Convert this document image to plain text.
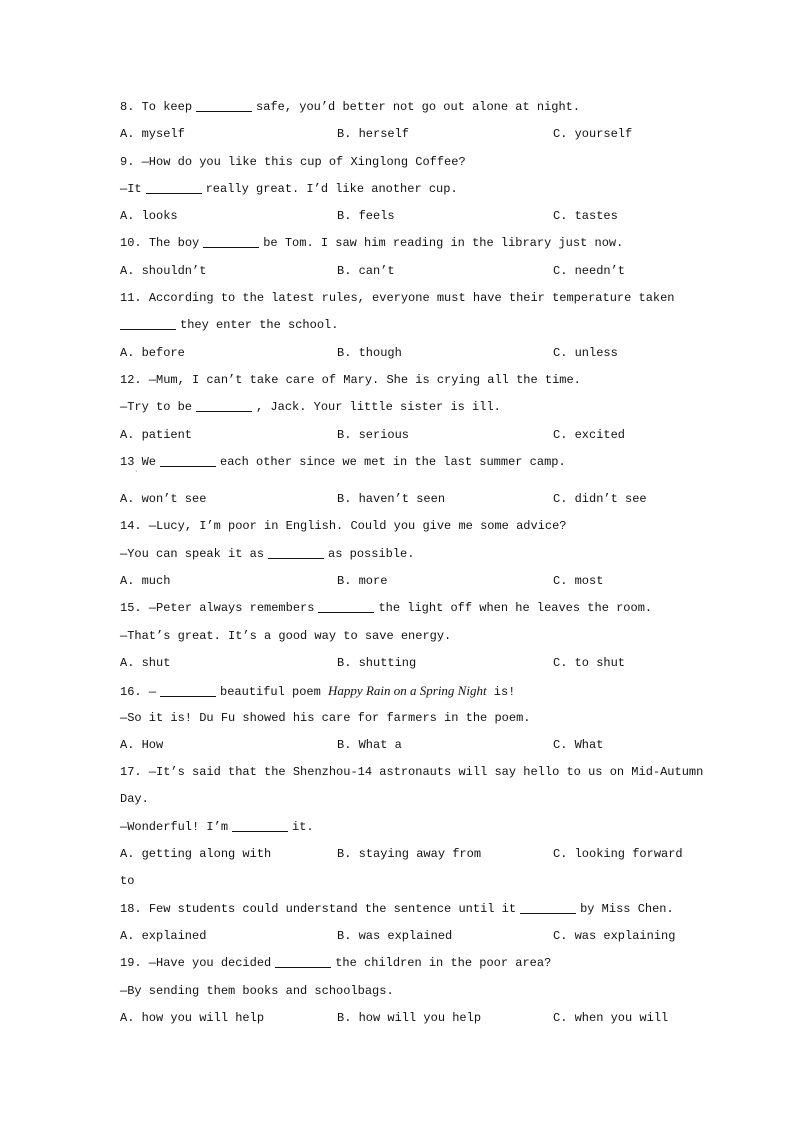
8. To keep	safe, you’d better not go out alone at night.

A. myself

	B. herself

	C. yourself

9. —How do you like this cup of Xinglong Coffee?
—It	really great. I’d like another cup.

A. looks

	B. feels

	C. tastes

10. The boy	be Tom. I saw him reading in the library just now.

A. shouldn’t

	B. can’t

	C. needn’t

11. According to the latest rules, everyone must have their temperature taken
they enter the school.

A. before

	B. though

	C. unless

12. —Mum, I can’t take care of Mary. She is crying all the time.
—Try to be	, Jack. Your little sister is ill.

A. patient

	B. serious

	C. excited

13 We	each other since we met in the last summer camp.
ʼ

A. won’t see

	B. haven’t seen

	C. didn’t see

14. —Lucy, I’m poor in English. Could you give me some advice?
—You can speak it as	as possible.

A. much

	B. more

	C. most

15. —Peter always remembers	the light off when he leaves the room.
—That’s great. It’s a good way to save energy.

A. shut

	B. shutting

	C. to shut

16. —	beautiful poem Happy Rain on a Spring Night is!
—So it is! Du Fu showed his care for farmers in the poem.

A. How

	B. What a

	C. What

17. —It’s said that the Shenzhou-14 astronauts will say hello to us on Mid-Autumn
Day.
—Wonderful! I’m	it.

A. getting along with

	B. staying away from

	C. looking forward

to
18. Few students could understand the sentence until it	by Miss Chen.

A. explained

	B. was explained

	C. was explaining

19. —Have you decided	the children in the poor area?
—By sending them books and schoolbags.

A. how you will help

	B. how will you help

	C. when you will
